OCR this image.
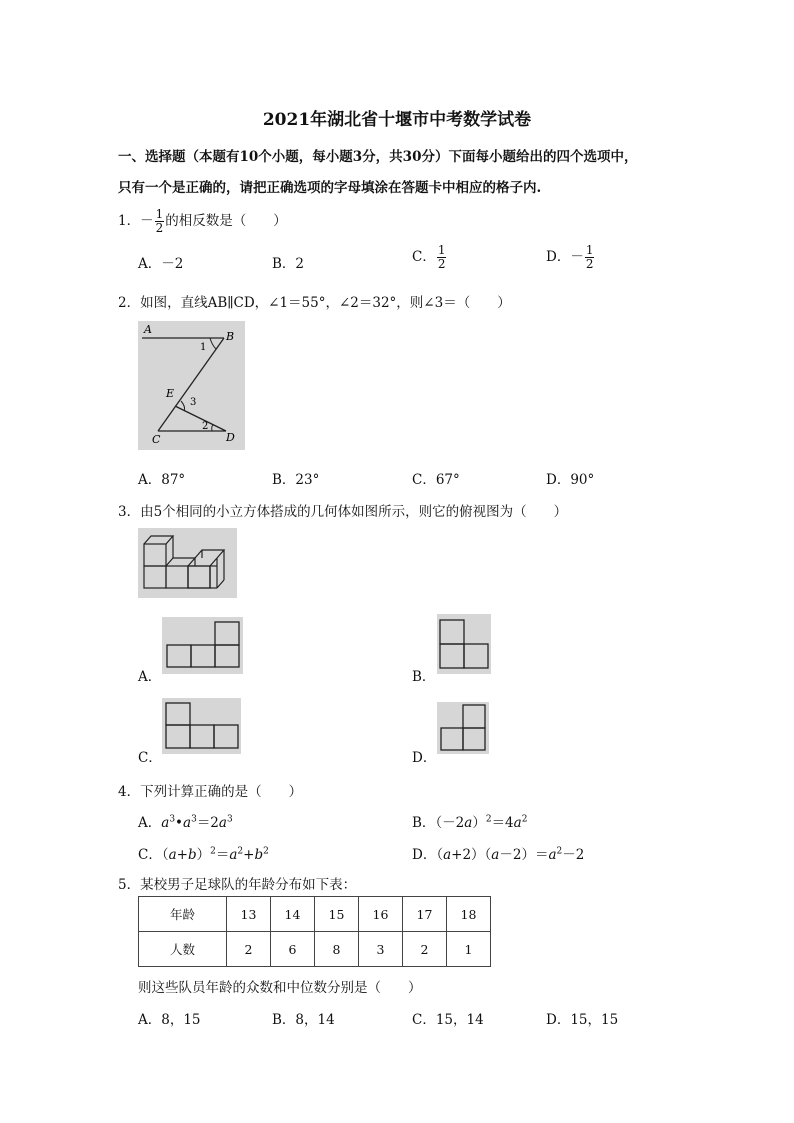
2021年湖北省十堰市中考数学试卷
一、选择题（本题有10个小题，每小题3分，共30分）下面每小题给出的四个选项中，
只有一个是正确的，请把正确选项的字母填涂在答题卡中相应的格子内.
1．－ $\frac{1}{2}$ 的相反数是（　　）
A．－2	B．2	C． $\frac{1}{2}$	D．－ $\frac{1}{2}$
2．如图，直线AB∥CD，∠1＝55°，∠2＝32°，则∠3＝（　　）
A
B
C	D
E
1
2
3
A．87°	B．23°	C．67°	D．90°
3．由5个相同的小立方体搭成的几何体如图所示，则它的俯视图为（　　）
A．	B．
C．	D．
4．下列计算正确的是（　　）
A．$a^3•a^3=2a^3$	B．$(-2a)^2=4a^2$
C．$(a+b)^2=a^2+b^2$	D．$(a+2)(a-2)=a^2-2$
5．某校男子足球队的年龄分布如下表：
年龄	13	14	15	16	17	18
人数	2	6	8	3	2	1
则这些队员年龄的众数和中位数分别是（　　）
A．8，15	B．8，14	C．15，14	D．15，15
